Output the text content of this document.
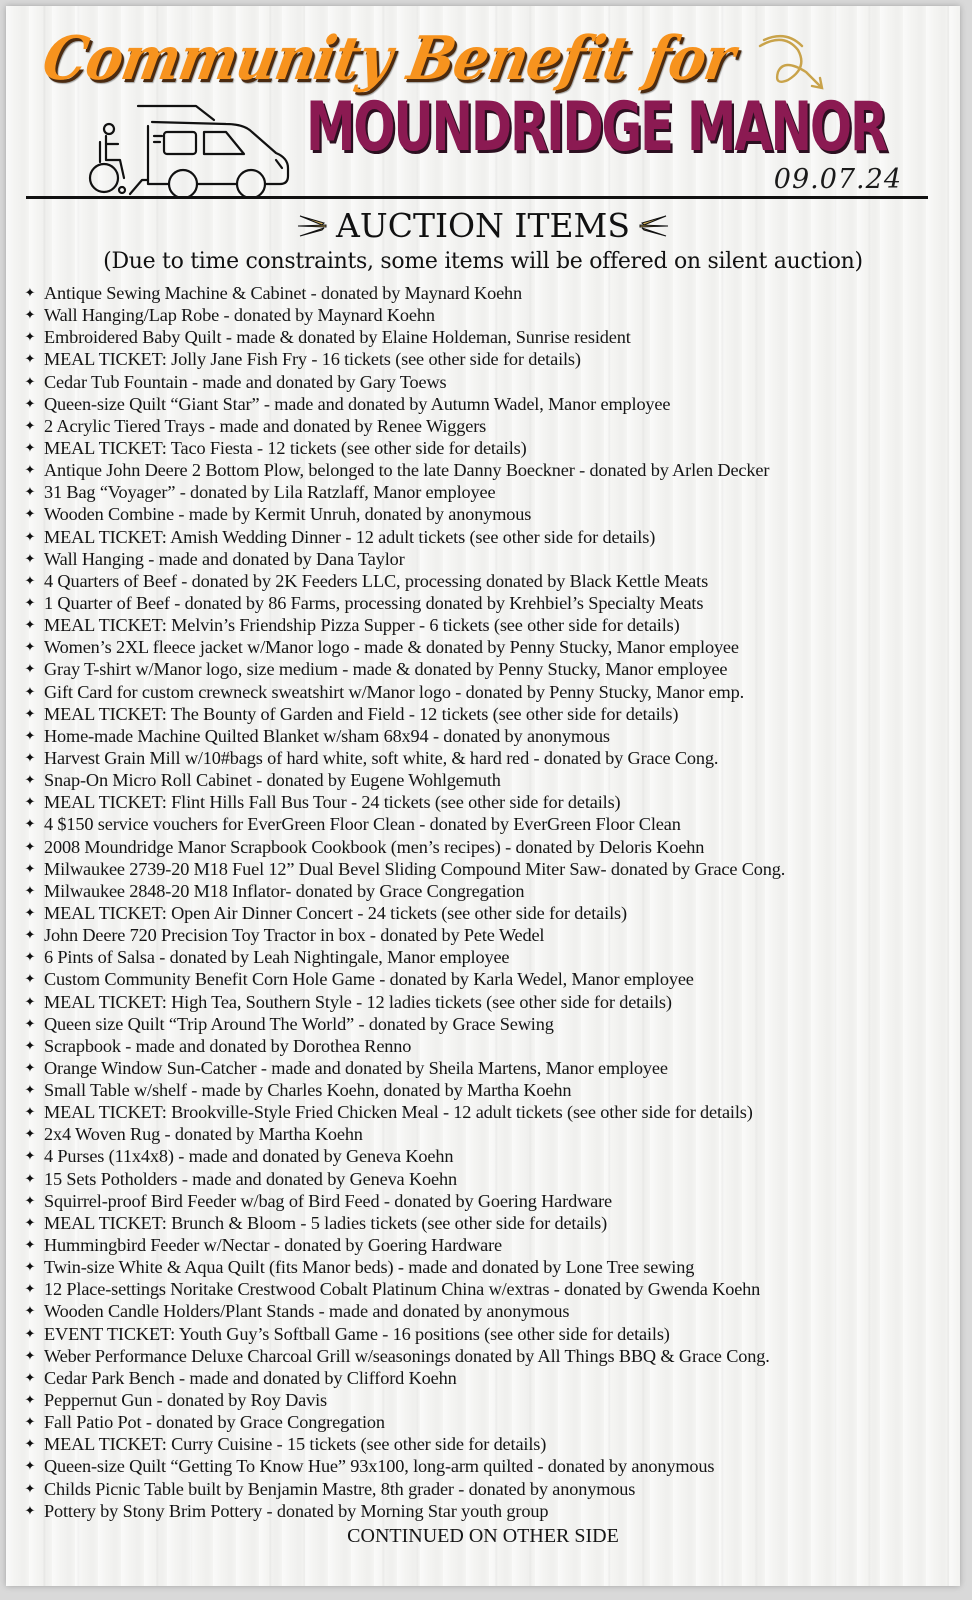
Community Benefit for
MOUNDRIDGE MANOR
09.07.24
AUCTION ITEMS
(Due to time constraints, some items will be offered on silent auction)
✦ Antique Sewing Machine & Cabinet - donated by Maynard Koehn
✦ Wall Hanging/Lap Robe - donated by Maynard Koehn
✦ Embroidered Baby Quilt - made & donated by Elaine Holdeman, Sunrise resident
✦ MEAL TICKET: Jolly Jane Fish Fry - 16 tickets (see other side for details)
✦ Cedar Tub Fountain - made and donated by Gary Toews
✦ Queen-size Quilt “Giant Star” - made and donated by Autumn Wadel, Manor employee
✦ 2 Acrylic Tiered Trays - made and donated by Renee Wiggers
✦ MEAL TICKET: Taco Fiesta - 12 tickets (see other side for details)
✦ Antique John Deere 2 Bottom Plow, belonged to the late Danny Boeckner - donated by Arlen Decker
✦ 31 Bag “Voyager” - donated by Lila Ratzlaff, Manor employee
✦ Wooden Combine - made by Kermit Unruh, donated by anonymous
✦ MEAL TICKET: Amish Wedding Dinner - 12 adult tickets (see other side for details)
✦ Wall Hanging - made and donated by Dana Taylor
✦ 4 Quarters of Beef - donated by 2K Feeders LLC, processing donated by Black Kettle Meats
✦ 1 Quarter of Beef - donated by 86 Farms, processing donated by Krehbiel’s Specialty Meats
✦ MEAL TICKET: Melvin’s Friendship Pizza Supper - 6 tickets (see other side for details)
✦ Women’s 2XL fleece jacket w/Manor logo - made & donated by Penny Stucky, Manor employee
✦ Gray T-shirt w/Manor logo, size medium - made & donated by Penny Stucky, Manor employee
✦ Gift Card for custom crewneck sweatshirt w/Manor logo - donated by Penny Stucky, Manor emp.
✦ MEAL TICKET: The Bounty of Garden and Field - 12 tickets (see other side for details)
✦ Home-made Machine Quilted Blanket w/sham 68x94 - donated by anonymous
✦ Harvest Grain Mill w/10#bags of hard white, soft white, & hard red - donated by Grace Cong.
✦ Snap-On Micro Roll Cabinet - donated by Eugene Wohlgemuth
✦ MEAL TICKET: Flint Hills Fall Bus Tour - 24 tickets (see other side for details)
✦ 4 $150 service vouchers for EverGreen Floor Clean - donated by EverGreen Floor Clean
✦ 2008 Moundridge Manor Scrapbook Cookbook (men’s recipes) - donated by Deloris Koehn
✦ Milwaukee 2739-20 M18 Fuel 12” Dual Bevel Sliding Compound Miter Saw- donated by Grace Cong.
✦ Milwaukee 2848-20 M18 Inflator- donated by Grace Congregation
✦ MEAL TICKET: Open Air Dinner Concert - 24 tickets (see other side for details)
✦ John Deere 720 Precision Toy Tractor in box - donated by Pete Wedel
✦ 6 Pints of Salsa - donated by Leah Nightingale, Manor employee
✦ Custom Community Benefit Corn Hole Game - donated by Karla Wedel, Manor employee
✦ MEAL TICKET: High Tea, Southern Style - 12 ladies tickets (see other side for details)
✦ Queen size Quilt “Trip Around The World” - donated by Grace Sewing
✦ Scrapbook - made and donated by Dorothea Renno
✦ Orange Window Sun-Catcher - made and donated by Sheila Martens, Manor employee
✦ Small Table w/shelf - made by Charles Koehn, donated by Martha Koehn
✦ MEAL TICKET: Brookville-Style Fried Chicken Meal - 12 adult tickets (see other side for details)
✦ 2x4 Woven Rug - donated by Martha Koehn
✦ 4 Purses (11x4x8) - made and donated by Geneva Koehn
✦ 15 Sets Potholders - made and donated by Geneva Koehn
✦ Squirrel-proof Bird Feeder w/bag of Bird Feed - donated by Goering Hardware
✦ MEAL TICKET: Brunch & Bloom - 5 ladies tickets (see other side for details)
✦ Hummingbird Feeder w/Nectar - donated by Goering Hardware
✦ Twin-size White & Aqua Quilt (fits Manor beds) - made and donated by Lone Tree sewing
✦ 12 Place-settings Noritake Crestwood Cobalt Platinum China w/extras - donated by Gwenda Koehn
✦ Wooden Candle Holders/Plant Stands - made and donated by anonymous
✦ EVENT TICKET: Youth Guy’s Softball Game - 16 positions (see other side for details)
✦ Weber Performance Deluxe Charcoal Grill w/seasonings donated by All Things BBQ & Grace Cong.
✦ Cedar Park Bench - made and donated by Clifford Koehn
✦ Peppernut Gun - donated by Roy Davis
✦ Fall Patio Pot - donated by Grace Congregation
✦ MEAL TICKET: Curry Cuisine - 15 tickets (see other side for details)
✦ Queen-size Quilt “Getting To Know Hue” 93x100, long-arm quilted - donated by anonymous
✦ Childs Picnic Table built by Benjamin Mastre, 8th grader - donated by anonymous
✦ Pottery by Stony Brim Pottery - donated by Morning Star youth group
CONTINUED ON OTHER SIDE
